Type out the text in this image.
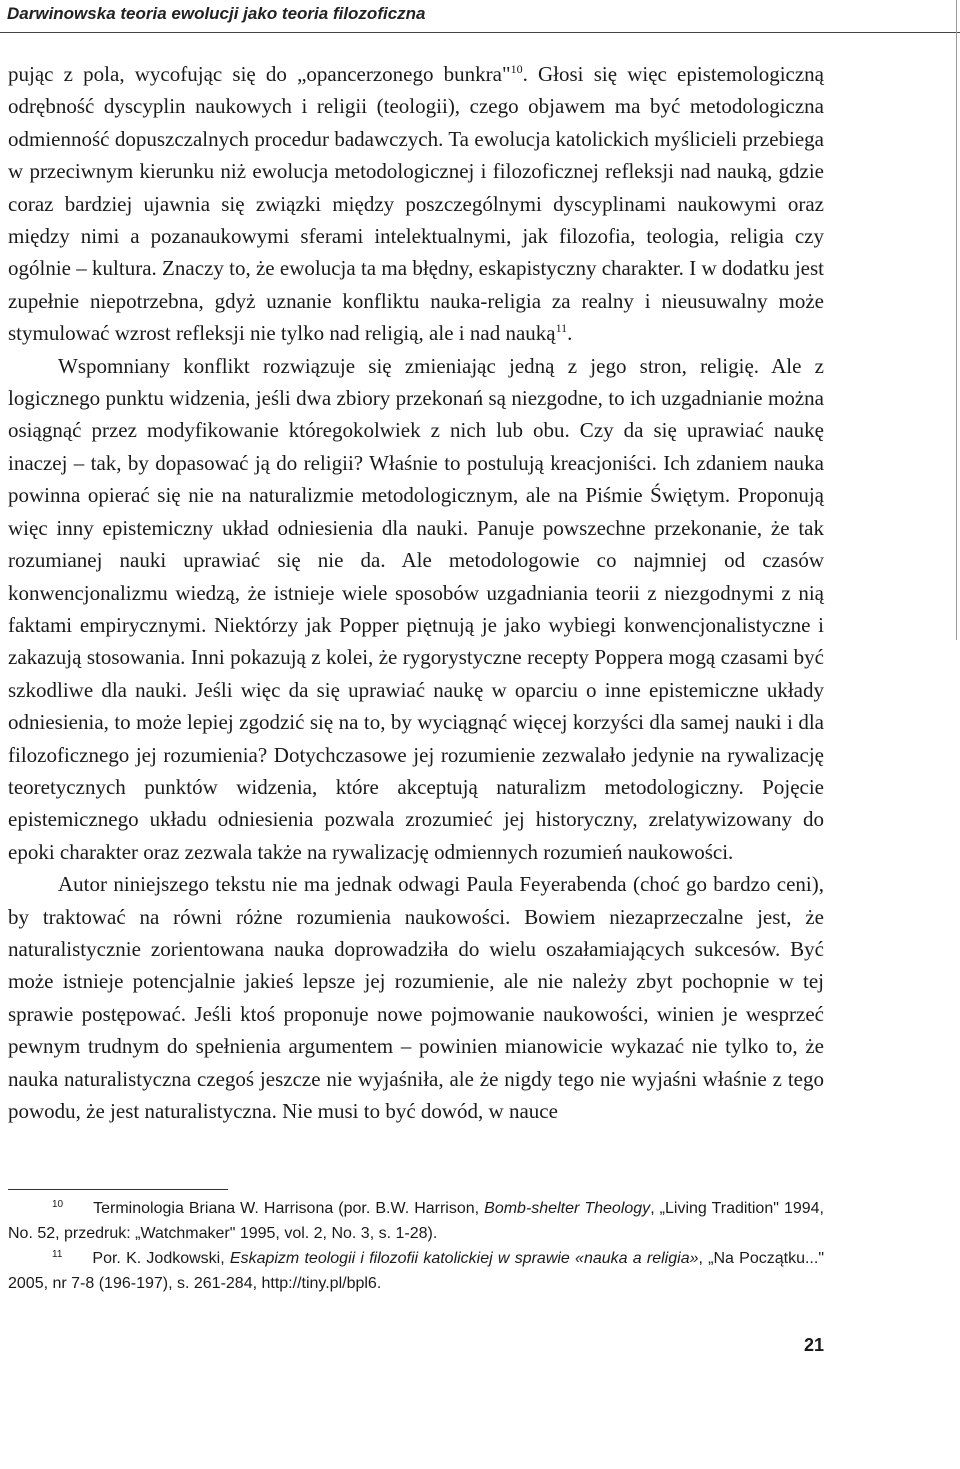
Darwinowska teoria ewolucji jako teoria filozoficzna

pując z pola, wycofując się do „opancerzonego bunkra"$^{10}$. Głosi się więc epistemologiczną odrębność dyscyplin naukowych i religii (teologii), czego objawem ma być metodologiczna odmienność dopuszczalnych procedur badawczych. Ta ewolucja katolickich myślicieli przebiega w przeciwnym kierunku niż ewolucja metodologicznej i filozoficznej refleksji nad nauką, gdzie coraz bardziej ujawnia się związki między poszczególnymi dyscyplinami naukowymi oraz między nimi a pozanaukowymi sferami intelektualnymi, jak filozofia, teologia, religia czy ogólnie – kultura. Znaczy to, że ewolucja ta ma błędny, eskapistyczny charakter. I w dodatku jest zupełnie niepotrzebna, gdyż uznanie konfliktu nauka-religia za realny i nieusuwalny może stymulować wzrost refleksji nie tylko nad religią, ale i nad nauką$^{11}$.

Wspomniany konflikt rozwiązuje się zmieniając jedną z jego stron, religię. Ale z logicznego punktu widzenia, jeśli dwa zbiory przekonań są niezgodne, to ich uzgadnianie można osiągnąć przez modyfikowanie któregokolwiek z nich lub obu. Czy da się uprawiać naukę inaczej – tak, by dopasować ją do religii? Właśnie to postulują kreacjoniści. Ich zdaniem nauka powinna opierać się nie na naturalizmie metodologicznym, ale na Piśmie Świętym. Proponują więc inny epistemiczny układ odniesienia dla nauki. Panuje powszechne przekonanie, że tak rozumianej nauki uprawiać się nie da. Ale metodologowie co najmniej od czasów konwencjonalizmu wiedzą, że istnieje wiele sposobów uzgadniania teorii z niezgodnymi z nią faktami empirycznymi. Niektórzy jak Popper piętnują je jako wybiegi konwencjonalistyczne i zakazują stosowania. Inni pokazują z kolei, że rygorystyczne recepty Poppera mogą czasami być szkodliwe dla nauki. Jeśli więc da się uprawiać naukę w oparciu o inne epistemiczne układy odniesienia, to może lepiej zgodzić się na to, by wyciągnąć więcej korzyści dla samej nauki i dla filozoficznego jej rozumienia? Dotychczasowe jej rozumienie zezwalało jedynie na rywalizację teoretycznych punktów widzenia, które akceptują naturalizm metodologiczny. Pojęcie epistemicznego układu odniesienia pozwala zrozumieć jej historyczny, zrelatywizowany do epoki charakter oraz zezwala także na rywalizację odmiennych rozumień naukowości.

Autor niniejszego tekstu nie ma jednak odwagi Paula Feyerabenda (choć go bardzo ceni), by traktować na równi różne rozumienia naukowości. Bowiem niezaprzeczalne jest, że naturalistycznie zorientowana nauka doprowadziła do wielu oszałamiających sukcesów. Być może istnieje potencjalnie jakieś lepsze jej rozumienie, ale nie należy zbyt pochopnie w tej sprawie postępować. Jeśli ktoś proponuje nowe pojmowanie naukowości, winien je wesprzeć pewnym trudnym do spełnienia argumentem – powinien mianowicie wykazać nie tylko to, że nauka naturalistyczna czegoś jeszcze nie wyjaśniła, ale że nigdy tego nie wyjaśni właśnie z tego powodu, że jest naturalistyczna. Nie musi to być dowód, w nauce

$^{10}$ Terminologia Briana W. Harrisona (por. B.W. Harrison, Bomb-shelter Theology, „Living Tradition" 1994, No. 52, przedruk: „Watchmaker" 1995, vol. 2, No. 3, s. 1-28).

$^{11}$ Por. K. Jodkowski, Eskapizm teologii i filozofii katolickiej w sprawie «nauka a religia», „Na Początku..." 2005, nr 7-8 (196-197), s. 261-284, http://tiny.pl/bpl6.

21
